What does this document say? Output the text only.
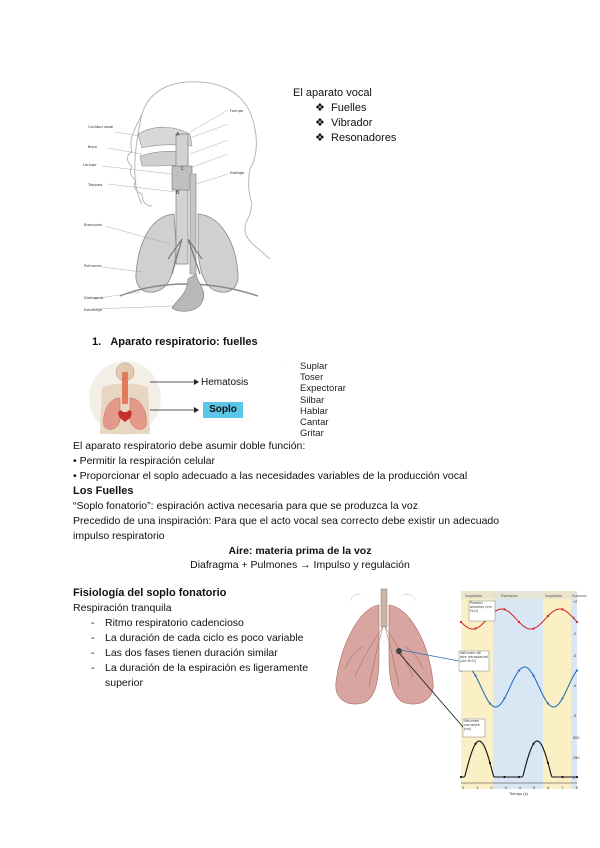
Cavidad nasal
Boca
Laringe
Tráquea
Bronquios
Pulmones
Diafragma
Estomago
Faringe
Esófago
A
B
C
El aparato vocal
❖ Fuelles
❖ Vibrador
❖ Resonadores
1. Aparato respiratorio: fuelles
Hematosis
Soplo
·	Suplar
Toser
Expectorar
Silbar
Hablar
Cantar
Gritar
El aparato respiratorio debe asumir doble función:
• Permitir la respiración celular
• Proporcionar el soplo adecuado a las necesidades variables de la producción vocal
Los Fuelles
“Soplo fonatorio”: espiración activa necesaria para que se produzca la voz
Precedido de una inspiración: Para que el acto vocal sea correcto debe existir un adecuado
impulso respiratorio
Aire: materia prima de la voz
Diafragma + Pulmones → Impulso y regulación
Fisiología del soplo fonatorio
Respiración tranquila
- Ritmo respiratorio cadencioso
- La duración de cada ciclo es poco variable
- Las dos fases tienen duración similar
- La duración de la espiración es ligeramente superior
Inspiración	Espiración	Inspiración	Espiración
Presión alveolar (cm H₂O)
Volumen de aire intrapleural (cm H₂O)
Volumen corriente (ml)
+2
0
-2
-5
-6
-8
500
250
0
0	1	2	3	4	5	6	7	8
Tiempo (s)
